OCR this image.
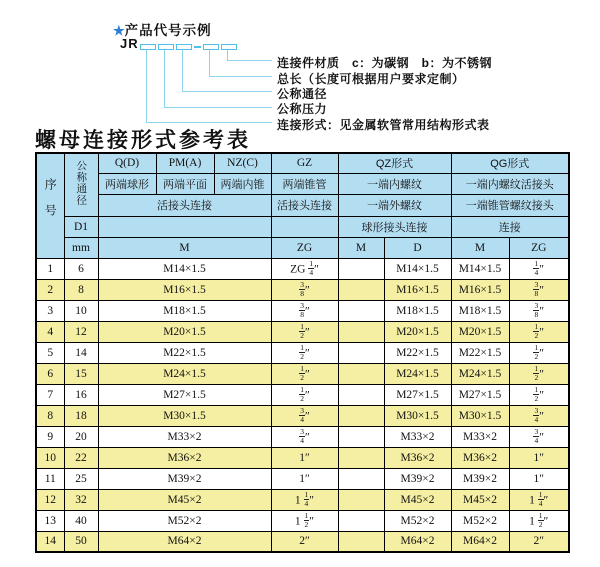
★产品代号示例
JR
连接件材质　c：为碳钢　b：为不锈钢
总长（长度可根据用户要求定制）
公称通径
公称压力
连接形式：见金属软管常用结构形式表
螺母连接形式参考表
序号	公称通径	Q(D)	PM(A)	NZ(C)	GZ	QZ形式		QG形式	
		两端球形	两端平面	两端内锥	两端锥管	一端内螺纹		一端内螺纹活接头	
		活接头连接			活接头连接	一端外螺纹		一端锥管螺纹接头	
	D1					球形接头连接		连接	
	mm	M			ZG	M	D	M	ZG
1	6	M14×1.5			ZG $\frac{1}{4}$ ″		M14×1.5	M14×1.5	$\frac{1}{4}$ ″
2	8	M16×1.5			$\frac{3}{8}$ ″		M16×1.5	M16×1.5	$\frac{3}{8}$ ″
3	10	M18×1.5			$\frac{3}{8}$ ″		M18×1.5	M18×1.5	$\frac{3}{8}$ ″
4	12	M20×1.5			$\frac{1}{2}$ ″		M20×1.5	M20×1.5	$\frac{1}{2}$ ″
5	14	M22×1.5			$\frac{1}{2}$ ″		M22×1.5	M22×1.5	$\frac{1}{2}$ ″
6	15	M24×1.5			$\frac{1}{2}$ ″		M24×1.5	M24×1.5	$\frac{1}{2}$ ″
7	16	M27×1.5			$\frac{1}{2}$ ″		M27×1.5	M27×1.5	$\frac{1}{2}$ ″
8	18	M30×1.5			$\frac{3}{4}$ ″		M30×1.5	M30×1.5	$\frac{3}{4}$ ″
9	20	M33×2			$\frac{3}{4}$ ″		M33×2	M33×2	$\frac{3}{4}$ ″
10	22	M36×2			1″		M36×2	M36×2	1″
11	25	M39×2			1″		M39×2	M39×2	1″
12	32	M45×2			$1 \frac{1}{4}$ ″		M45×2	M45×2	$1 \frac{1}{4}$ ″
13	40	M52×2			$1 \frac{1}{2}$ ″		M52×2	M52×2	$1 \frac{1}{2}$ ″
14	50	M64×2			2″		M64×2	M64×2	2″
